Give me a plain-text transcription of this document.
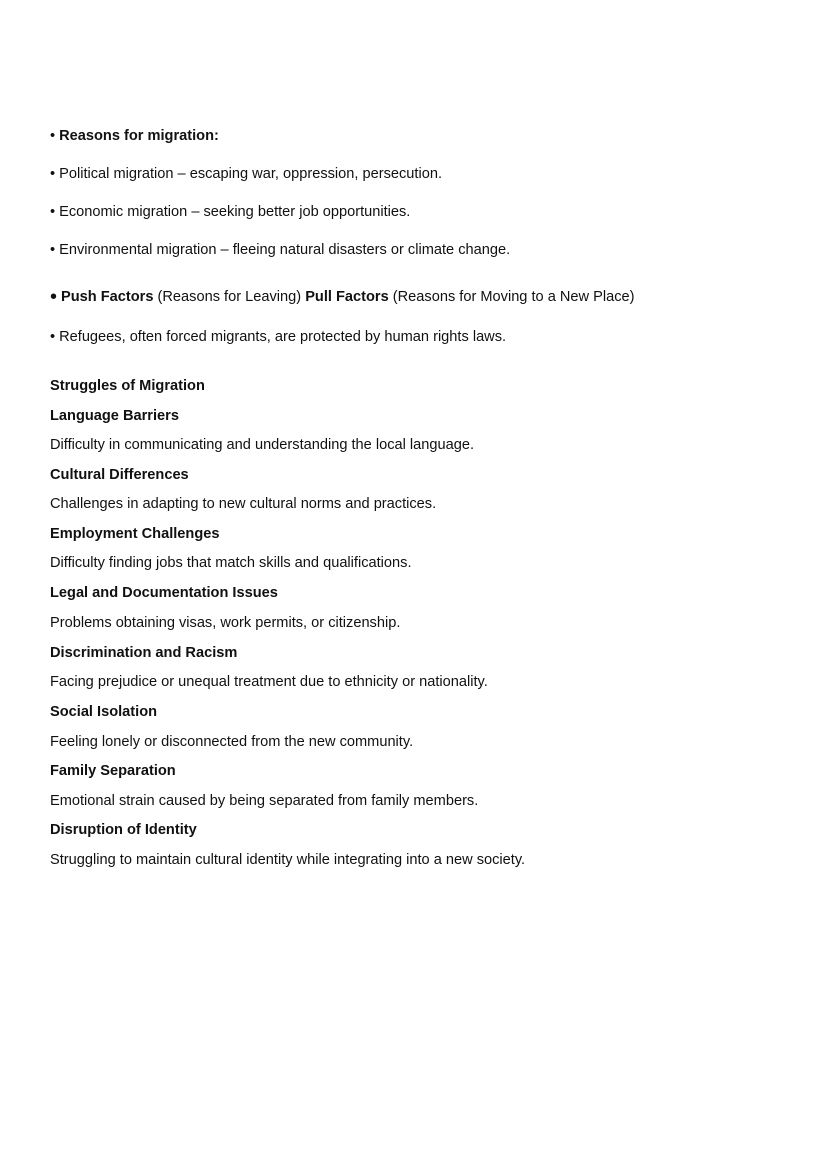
• Reasons for migration:
• Political migration – escaping war, oppression, persecution.
• Economic migration – seeking better job opportunities.
• Environmental migration – fleeing natural disasters or climate change.
• Push Factors (Reasons for Leaving) Pull Factors (Reasons for Moving to a New Place)
• Refugees, often forced migrants, are protected by human rights laws.
Struggles of Migration
Language Barriers
Difficulty in communicating and understanding the local language.
Cultural Differences
Challenges in adapting to new cultural norms and practices.
Employment Challenges
Difficulty finding jobs that match skills and qualifications.
Legal and Documentation Issues
Problems obtaining visas, work permits, or citizenship.
Discrimination and Racism
Facing prejudice or unequal treatment due to ethnicity or nationality.
Social Isolation
Feeling lonely or disconnected from the new community.
Family Separation
Emotional strain caused by being separated from family members.
Disruption of Identity
Struggling to maintain cultural identity while integrating into a new society.
